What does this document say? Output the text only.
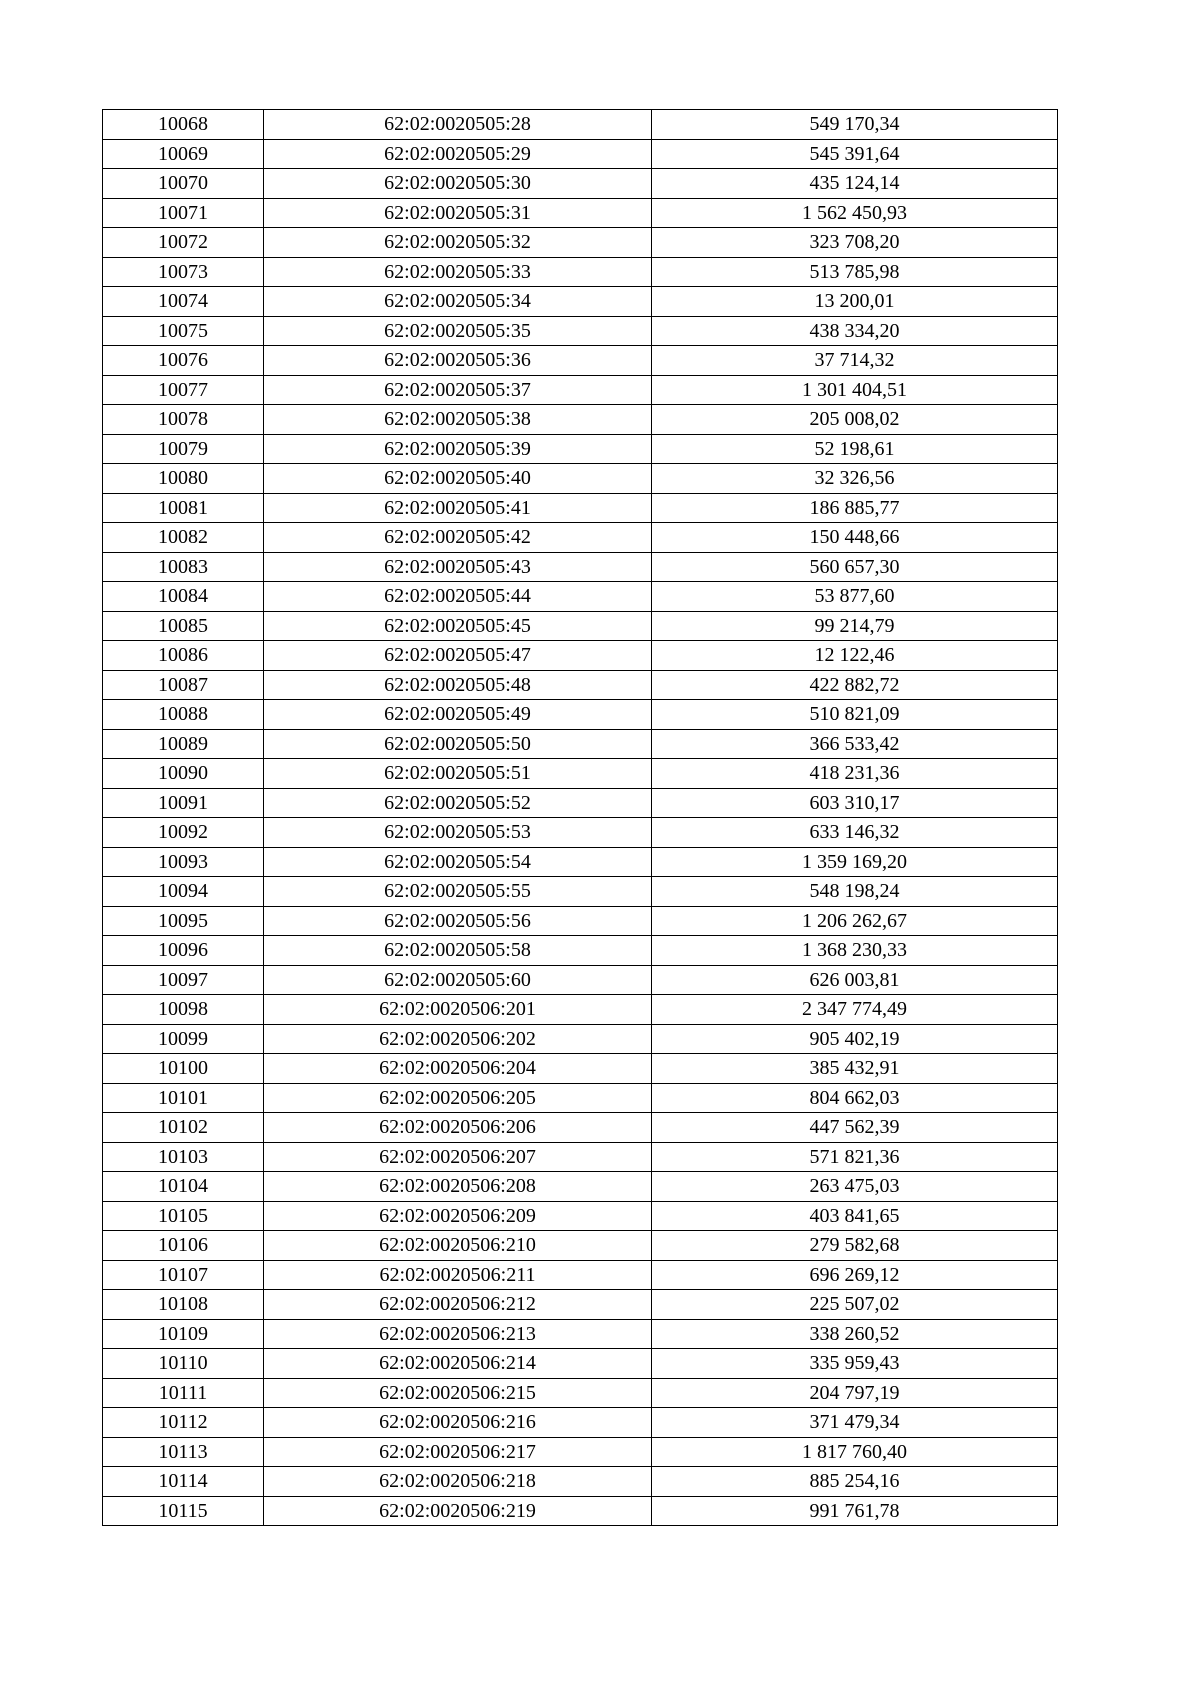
10068	62:02:0020505:28	549 170,34
10069	62:02:0020505:29	545 391,64
10070	62:02:0020505:30	435 124,14
10071	62:02:0020505:31	1 562 450,93
10072	62:02:0020505:32	323 708,20
10073	62:02:0020505:33	513 785,98
10074	62:02:0020505:34	13 200,01
10075	62:02:0020505:35	438 334,20
10076	62:02:0020505:36	37 714,32
10077	62:02:0020505:37	1 301 404,51
10078	62:02:0020505:38	205 008,02
10079	62:02:0020505:39	52 198,61
10080	62:02:0020505:40	32 326,56
10081	62:02:0020505:41	186 885,77
10082	62:02:0020505:42	150 448,66
10083	62:02:0020505:43	560 657,30
10084	62:02:0020505:44	53 877,60
10085	62:02:0020505:45	99 214,79
10086	62:02:0020505:47	12 122,46
10087	62:02:0020505:48	422 882,72
10088	62:02:0020505:49	510 821,09
10089	62:02:0020505:50	366 533,42
10090	62:02:0020505:51	418 231,36
10091	62:02:0020505:52	603 310,17
10092	62:02:0020505:53	633 146,32
10093	62:02:0020505:54	1 359 169,20
10094	62:02:0020505:55	548 198,24
10095	62:02:0020505:56	1 206 262,67
10096	62:02:0020505:58	1 368 230,33
10097	62:02:0020505:60	626 003,81
10098	62:02:0020506:201	2 347 774,49
10099	62:02:0020506:202	905 402,19
10100	62:02:0020506:204	385 432,91
10101	62:02:0020506:205	804 662,03
10102	62:02:0020506:206	447 562,39
10103	62:02:0020506:207	571 821,36
10104	62:02:0020506:208	263 475,03
10105	62:02:0020506:209	403 841,65
10106	62:02:0020506:210	279 582,68
10107	62:02:0020506:211	696 269,12
10108	62:02:0020506:212	225 507,02
10109	62:02:0020506:213	338 260,52
10110	62:02:0020506:214	335 959,43
10111	62:02:0020506:215	204 797,19
10112	62:02:0020506:216	371 479,34
10113	62:02:0020506:217	1 817 760,40
10114	62:02:0020506:218	885 254,16
10115	62:02:0020506:219	991 761,78
